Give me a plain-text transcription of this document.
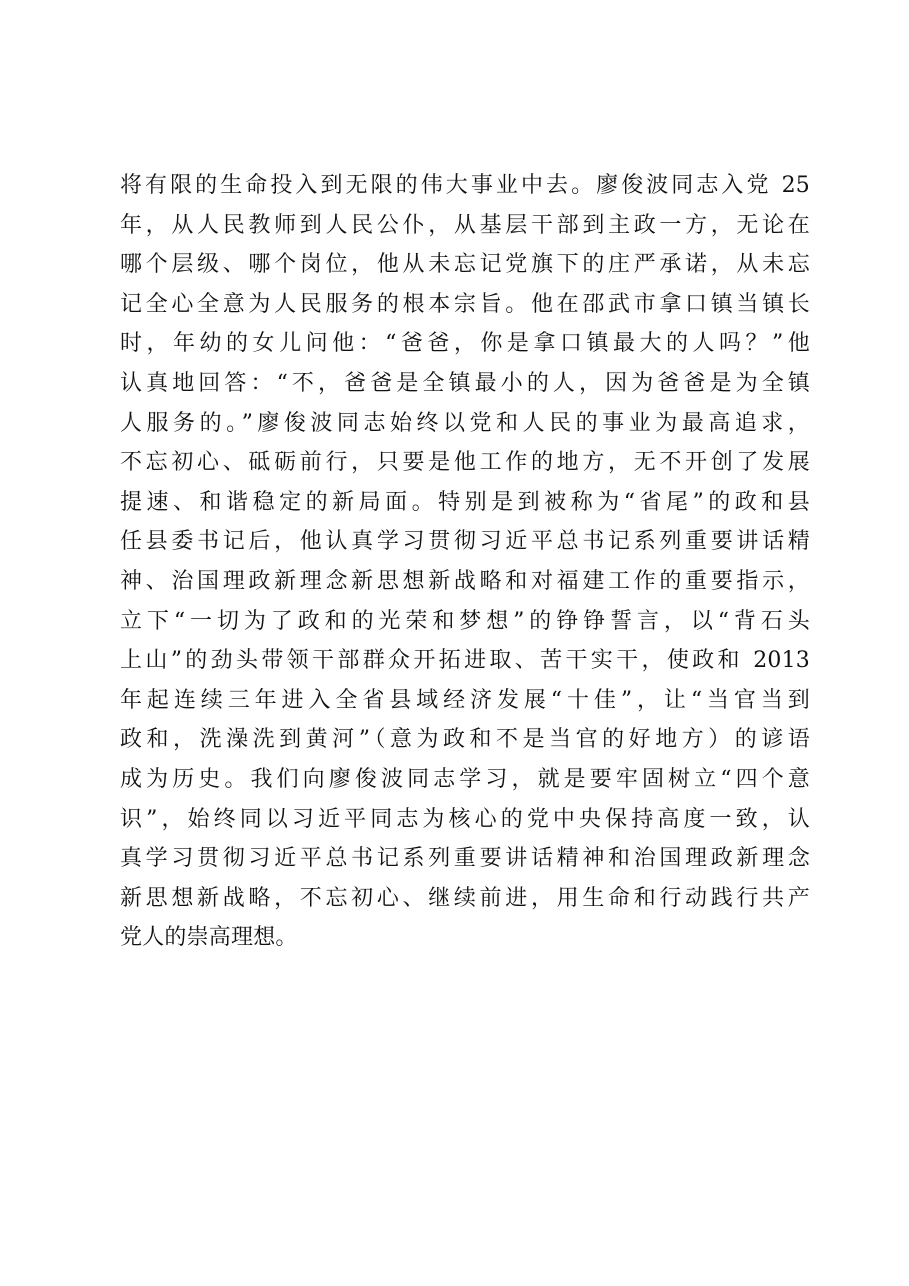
将有限的生命投入到无限的伟大事业中去。廖俊波同志入党 25
年，从人民教师到人民公仆，从基层干部到主政一方，无论在
哪个层级、哪个岗位，他从未忘记党旗下的庄严承诺，从未忘
记全心全意为人民服务的根本宗旨。他在邵武市拿口镇当镇长
时，年幼的女儿问他：“爸爸，你是拿口镇最大的人吗？”他
认真地回答：“不，爸爸是全镇最小的人，因为爸爸是为全镇
人服务的。”廖俊波同志始终以党和人民的事业为最高追求，
不忘初心、砥砺前行，只要是他工作的地方，无不开创了发展
提速、和谐稳定的新局面。特别是到被称为“省尾”的政和县
任县委书记后，他认真学习贯彻习近平总书记系列重要讲话精
神、治国理政新理念新思想新战略和对福建工作的重要指示，
立下“一切为了政和的光荣和梦想”的铮铮誓言，以“背石头
上山”的劲头带领干部群众开拓进取、苦干实干，使政和 2013
年起连续三年进入全省县域经济发展“十佳”，让“当官当到
政和，洗澡洗到黄河”（意为政和不是当官的好地方）的谚语
成为历史。我们向廖俊波同志学习，就是要牢固树立“四个意
识”，始终同以习近平同志为核心的党中央保持高度一致，认
真学习贯彻习近平总书记系列重要讲话精神和治国理政新理念
新思想新战略，不忘初心、继续前进，用生命和行动践行共产
党人的崇高理想。
